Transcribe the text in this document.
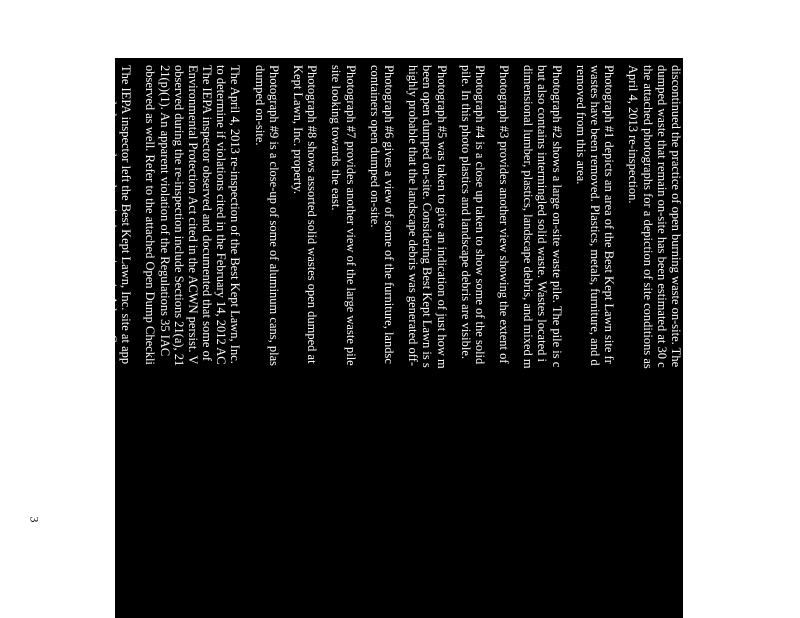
discontinued the practice of open burning waste on-site. The
dumped waste that remain on-site has been estimated at 30 c
the attached photographs for a depiction of site conditions as
April 4, 2013 re-inspection.
Photograph #1 depicts an area of the Best Kept Lawn site fr
wastes have been removed. Plastics, metals, furniture, and d
removed from this area.
Photograph #2 shows a large on-site waste pile. The pile is c
but also contains intermingled solid waste. Wastes located i
dimensional lumber, plastics, landscape debris, and mixed m
Photograph #3 provides another view showing the extent of
Photograph #4 is a close up taken to show some of the solid
pile. In this photo plastics and landscape debris are visible.
Photograph #5 was taken to give an indication of just how m
been open dumped on-site. Considering Best Kept Lawn is s
highly probable that the landscape debris was generated off-
Photograph #6 gives a view of some of the furniture, landsc
containers open dumped on-site.
Photograph #7 provides another view of the large waste pile
site looking towards the east.
Photograph #8 shows assorted solid wastes open dumped at
Kept Lawn, Inc. property.
Photograph #9 is a close-up of some of aluminum cans, plas
dumped on-site.
The April 4, 2013 re-inspection of the Best Kept Lawn, Inc.
to determine if violations cited in the February 14, 2012 AC
The IEPA inspector observed and documented that some of
Environmental Protection Act cited in the ACWN persist. V
observed during the re-inspection include Sections 21(a), 21
21(p)(1). An apparent violation of the Regulations 35 IAC
observed as well. Refer to the attached Open Dump Checkli
The IEPA inspector left the Best Kept Lawn, Inc. site at app
proceeded to conduct other site inspections in Adams Count
cc:        DLPC/FOS - Springfield Region
3
